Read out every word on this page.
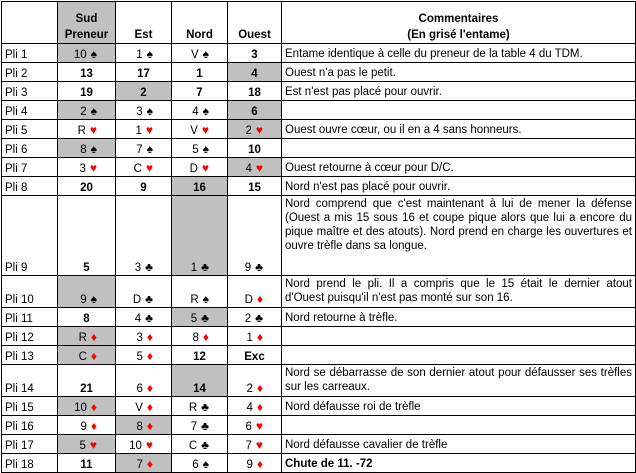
	Sud
Preneur	Est	Nord	Ouest	Commentaires
(En grisé l'entame)

Pli 1	10 ♠	1 ♠	V ♠	3	Entame identique à celle du preneur de la table 4 du TDM.
Pli 2	13	17	1	4	Ouest n'a pas le petit.
Pli 3	19	2	7	18	Est n'est pas placé pour ouvrir.
Pli 4	2 ♠	3 ♠	4 ♠	6	
Pli 5	R ♥	1 ♥	V ♥	2 ♥	Ouest ouvre cœur, ou il en a 4 sans honneurs.
Pli 6	8 ♠	7 ♠	5 ♠	10	
Pli 7	3 ♥	C ♥	D ♥	4 ♥	Ouest retourne à cœur pour D/C.
Pli 8	20	9	16	15	Nord n'est pas placé pour ouvrir.
Pli 9	5	3 ♣	1 ♣	9 ♣	Nord comprend que c'est maintenant à lui de mener la défense (Ouest a mis 15 sous 16 et coupe pique alors que lui a encore du pique maître et des atouts). Nord prend en charge les ouvertures et ouvre trèfle dans sa longue.
Pli 10	9 ♠	D ♣	R ♠	D ♦	Nord prend le pli. Il a compris que le 15 était le dernier atout d'Ouest puisqu'il n'est pas monté sur son 16.
Pli 11	8	4 ♣	5 ♣	2 ♣	Nord retourne à trèfle.
Pli 12	R ♦	3 ♦	8 ♦	1 ♦	
Pli 13	C ♦	5 ♦	12	Exc	
Pli 14	21	6 ♦	14	2 ♦	Nord se débarrasse de son dernier atout pour défausser ses trèfles sur les carreaux.
Pli 15	10 ♦	V ♦	R ♣	4 ♦	Nord défausse roi de trèfle
Pli 16	9 ♦	8 ♦	7 ♣	6 ♥	
Pli 17	5 ♥	10 ♥	C ♣	7 ♥	Nord défausse cavalier de trèfle
Pli 18	11	7 ♦	6 ♠	9 ♦	Chute de 11. -72
